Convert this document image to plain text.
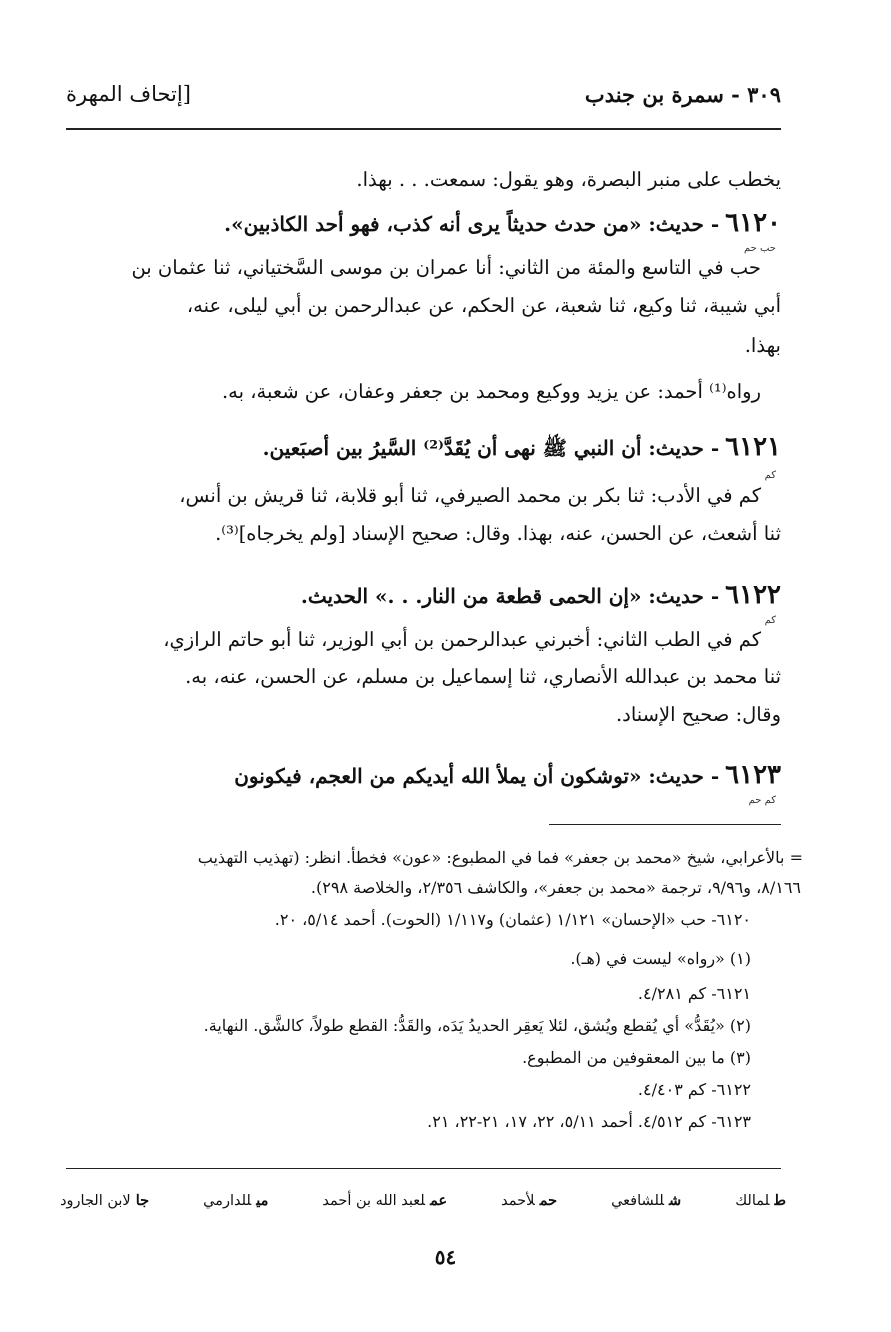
٣٠٩ - سمرة بن جندب
[إتحاف المهرة
يخطب على منبر البصرة، وهو يقول: سمعت. . . بهذا.
٦١٢٠- حديث: «من حدث حديثاً يرى أنه كذب، فهو أحد الكاذبين».
حب حم
حب في التاسع والمئة من الثاني: أنا عمران بن موسى السَّختياني، ثنا عثمان بن
أبي شيبة، ثنا وكيع، ثنا شعبة، عن الحكم، عن عبدالرحمن بن أبي ليلى، عنه،
بهذا.
رواه⁽¹⁾ أحمد: عن يزيد ووكيع ومحمد بن جعفر وعفان، عن شعبة، به.
٦١٢١- حديث: أن النبي ﷺ نهى أن يُقَدَّ⁽²⁾ السَّيرُ بين أصبَعين.
كم
كم في الأدب: ثنا بكر بن محمد الصيرفي، ثنا أبو قلابة، ثنا قريش بن أنس،
ثنا أشعث، عن الحسن، عنه، بهذا. وقال: صحيح الإسناد [ولم يخرجاه]⁽³⁾.
٦١٢٢- حديث: «إن الحمى قطعة من النار. . .» الحديث.
كم
كم في الطب الثاني: أخبرني عبدالرحمن بن أبي الوزير، ثنا أبو حاتم الرازي،
ثنا محمد بن عبدالله الأنصاري، ثنا إسماعيل بن مسلم، عن الحسن، عنه، به.
وقال: صحيح الإسناد.
٦١٢٣- حديث: «توشكون أن يملأ الله أيديكم من العجم، فيكونون
كم حم
= بالأعرابي، شيخ «محمد بن جعفر» فما في المطبوع: «عون» فخطأ. انظر: (تهذيب التهذيب
٨/١٦٦، و٩/٩٦، ترجمة «محمد بن جعفر»، والكاشف ٢/٣٥٦، والخلاصة ٢٩٨).
٦١٢٠- حب «الإحسان» ١/١٢١ (عثمان) و١/١١٧ (الحوت). أحمد ٥/١٤، ٢٠.
(١) «رواه» ليست في (هـ).
٦١٢١- كم ٤/٢٨١.
(٢) «يُقَدُّ» أي يُقطع ويُشق، لئلا يَعقِر الحديدُ يَدَه، والقَدُّ: القطع طولاً، كالشَّق. النهاية.
(٣) ما بين المعقوفين من المطبوع.
٦١٢٢- كم ٤/٤٠٣.
٦١٢٣- كم ٤/٥١٢. أحمد ٥/١١، ٢٢، ١٧، ٢١-٢٢، ٢١.
طلمالك
شللشافعي
حملأحمد
عملعبد الله بن أحمد
ميللدارمي
جالابن الجارود
٥٤
